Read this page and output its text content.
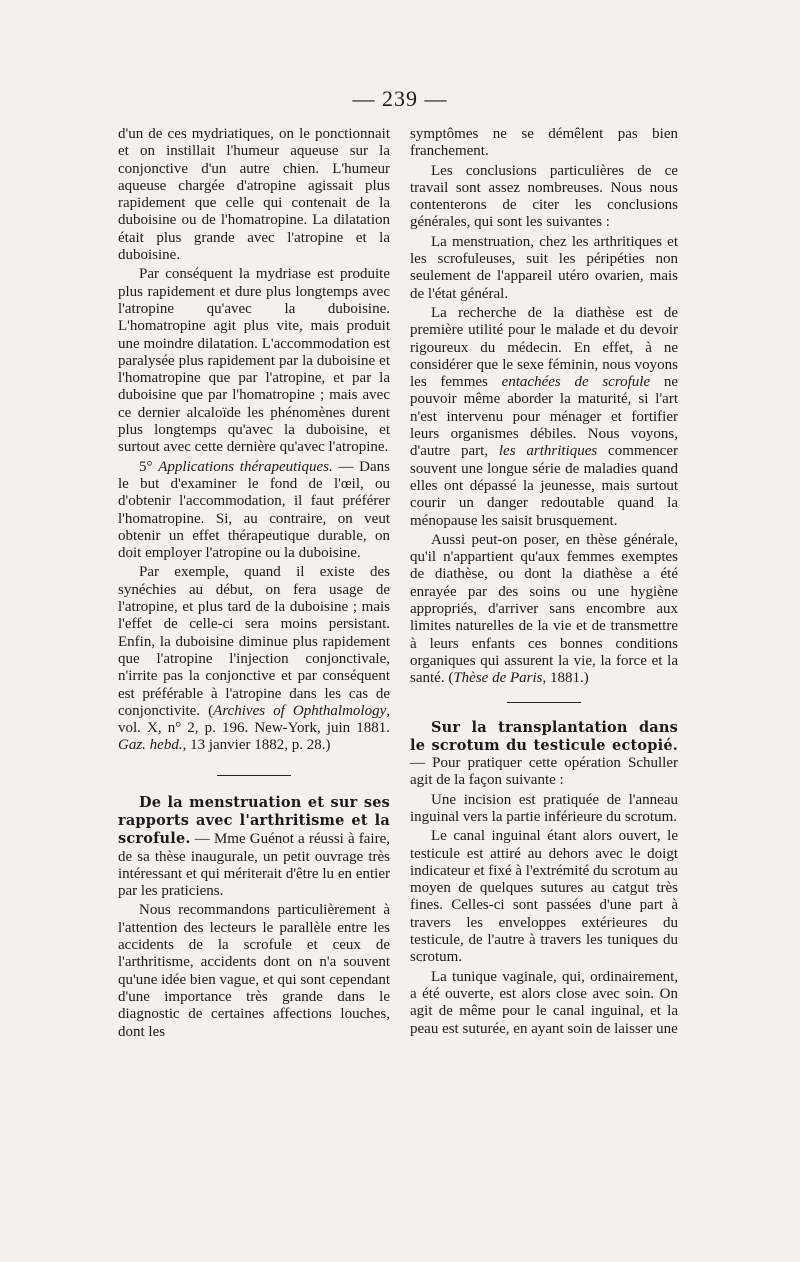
— 239 —

d'un de ces mydriatiques, on le ponctionnait et on instillait l'humeur aqueuse sur la conjonctive d'un autre chien. L'humeur aqueuse chargée d'atropine agissait plus rapidement que celle qui contenait de la duboisine ou de l'homatropine. La dilatation était plus grande avec l'atropine et la duboisine.

Par conséquent la mydriase est produite plus rapidement et dure plus longtemps avec l'atropine qu'avec la duboisine. L'homatropine agit plus vite, mais produit une moindre dilatation. L'accommodation est paralysée plus rapidement par la duboisine et l'homatropine que par l'atropine, et par la duboisine que par l'homatropine ; mais avec ce dernier alcaloïde les phénomènes durent plus longtemps qu'avec la duboisine, et surtout avec cette dernière qu'avec l'atropine.

5° Applications thérapeutiques. — Dans le but d'examiner le fond de l'œil, ou d'obtenir l'accommodation, il faut préférer l'homatropine. Si, au contraire, on veut obtenir un effet thérapeutique durable, on doit employer l'atropine ou la duboisine.

Par exemple, quand il existe des synéchies au début, on fera usage de l'atropine, et plus tard de la duboisine ; mais l'effet de celle-ci sera moins persistant. Enfin, la duboisine diminue plus rapidement que l'atropine l'injection conjonctivale, n'irrite pas la conjonctive et par conséquent est préférable à l'atropine dans les cas de conjonctivite. (Archives of Ophthalmology, vol. X, n° 2, p. 196. New-York, juin 1881. Gaz. hebd., 13 janvier 1882, p. 28.)

De la menstruation et sur ses rapports avec l'arthritisme et la scrofule. — Mme Guénot a réussi à faire, de sa thèse inaugurale, un petit ouvrage très intéressant et qui mériterait d'être lu en entier par les praticiens.

Nous recommandons particulièrement à l'attention des lecteurs le parallèle entre les accidents de la scrofule et ceux de l'arthritisme, accidents dont on n'a souvent qu'une idée bien vague, et qui sont cependant d'une importance très grande dans le diagnostic de certaines affections louches, dont les

symptômes ne se démêlent pas bien franchement.

Les conclusions particulières de ce travail sont assez nombreuses. Nous nous contenterons de citer les conclusions générales, qui sont les suivantes :

La menstruation, chez les arthritiques et les scrofuleuses, suit les péripéties non seulement de l'appareil utéro ovarien, mais de l'état général.

La recherche de la diathèse est de première utilité pour le malade et du devoir rigoureux du médecin. En effet, à ne considérer que le sexe féminin, nous voyons les femmes entachées de scrofule ne pouvoir même aborder la maturité, si l'art n'est intervenu pour ménager et fortifier leurs organismes débiles. Nous voyons, d'autre part, les arthritiques commencer souvent une longue série de maladies quand elles ont dépassé la jeunesse, mais surtout courir un danger redoutable quand la ménopause les saisit brusquement.

Aussi peut-on poser, en thèse générale, qu'il n'appartient qu'aux femmes exemptes de diathèse, ou dont la diathèse a été enrayée par des soins ou une hygiène appropriés, d'arriver sans encombre aux limites naturelles de la vie et de transmettre à leurs enfants ces bonnes conditions organiques qui assurent la vie, la force et la santé. (Thèse de Paris, 1881.)

Sur la transplantation dans le scrotum du testicule ectopié. — Pour pratiquer cette opération Schuller agit de la façon suivante :

Une incision est pratiquée de l'anneau inguinal vers la partie inférieure du scrotum.

Le canal inguinal étant alors ouvert, le testicule est attiré au dehors avec le doigt indicateur et fixé à l'extrémité du scrotum au moyen de quelques sutures au catgut très fines. Celles-ci sont passées d'une part à travers les enveloppes extérieures du testicule, de l'autre à travers les tuniques du scrotum.

La tunique vaginale, qui, ordinairement, a été ouverte, est alors close avec soin. On agit de même pour le canal inguinal, et la peau est suturée, en ayant soin de laisser une
